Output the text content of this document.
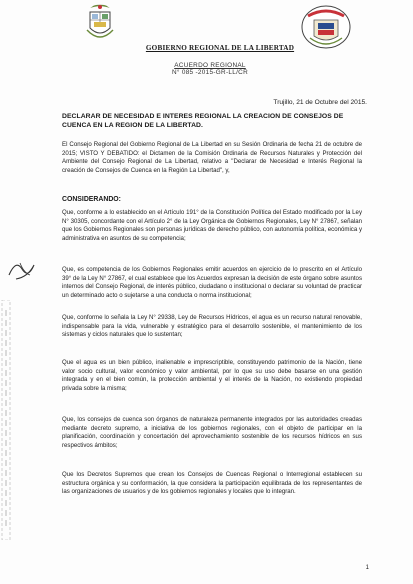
GOBIERNO REGIONAL DE LA LIBERTAD
ACUERDO REGIONAL
N° 085 -2015-GR-LL/CR
Trujillo, 21 de Octubre del 2015.
DECLARAR DE NECESIDAD E INTERES REGIONAL LA CREACION DE CONSEJOS DE CUENCA EN LA REGION DE LA LIBERTAD.
El Consejo Regional del Gobierno Regional de La Libertad en su Sesión Ordinaria de fecha 21 de octubre de 2015; VISTO Y DEBATIDO: el Dictamen de la Comisión Ordinaria de Recursos Naturales y Protección del Ambiente del Consejo Regional de La Libertad, relativo a "Declarar de Necesidad e Interés Regional la creación de Consejos de Cuenca en la Región La Libertad", y,
CONSIDERANDO:
Que, conforme a lo establecido en el Artículo 191° de la Constitución Política del Estado modificado por la Ley N° 30305, concordante con el Artículo 2° de la Ley Orgánica de Gobiernos Regionales, Ley N° 27867, señalan que los Gobiernos Regionales son personas jurídicas de derecho público, con autonomía política, económica y administrativa en asuntos de su competencia;
Que, es competencia de los Gobiernos Regionales emitir acuerdos en ejercicio de lo prescrito en el Artículo 39° de la Ley N° 27867, el cual establece que los Acuerdos expresan la decisión de este órgano sobre asuntos internos del Consejo Regional, de interés público, ciudadano o institucional o declarar su voluntad de practicar un determinado acto o sujetarse a una conducta o norma institucional;
Que, conforme lo señala la Ley N° 29338, Ley de Recursos Hídricos, el agua es un recurso natural renovable, indispensable para la vida, vulnerable y estratégico para el desarrollo sostenible, el mantenimiento de los sistemas y ciclos naturales que lo sustentan;
Que el agua es un bien público, inalienable e imprescriptible, constituyendo patrimonio de la Nación, tiene valor socio cultural, valor económico y valor ambiental, por lo que su uso debe basarse en una gestión integrada y en el bien común, la protección ambiental y el interés de la Nación, no existiendo propiedad privada sobre la misma;
Que, los consejos de cuenca son órganos de naturaleza permanente integrados por las autoridades creadas mediante decreto supremo, a iniciativa de los gobiernos regionales, con el objeto de participar en la planificación, coordinación y concertación del aprovechamiento sostenible de los recursos hídricos en sus respectivos ámbitos;
Que los Decretos Supremos que crean los Consejos de Cuencas Regional o Interregional establecen su estructura orgánica y su conformación, la que considera la participación equilibrada de los representantes de las organizaciones de usuarios y de los gobiernos regionales y locales que lo integran.
1
